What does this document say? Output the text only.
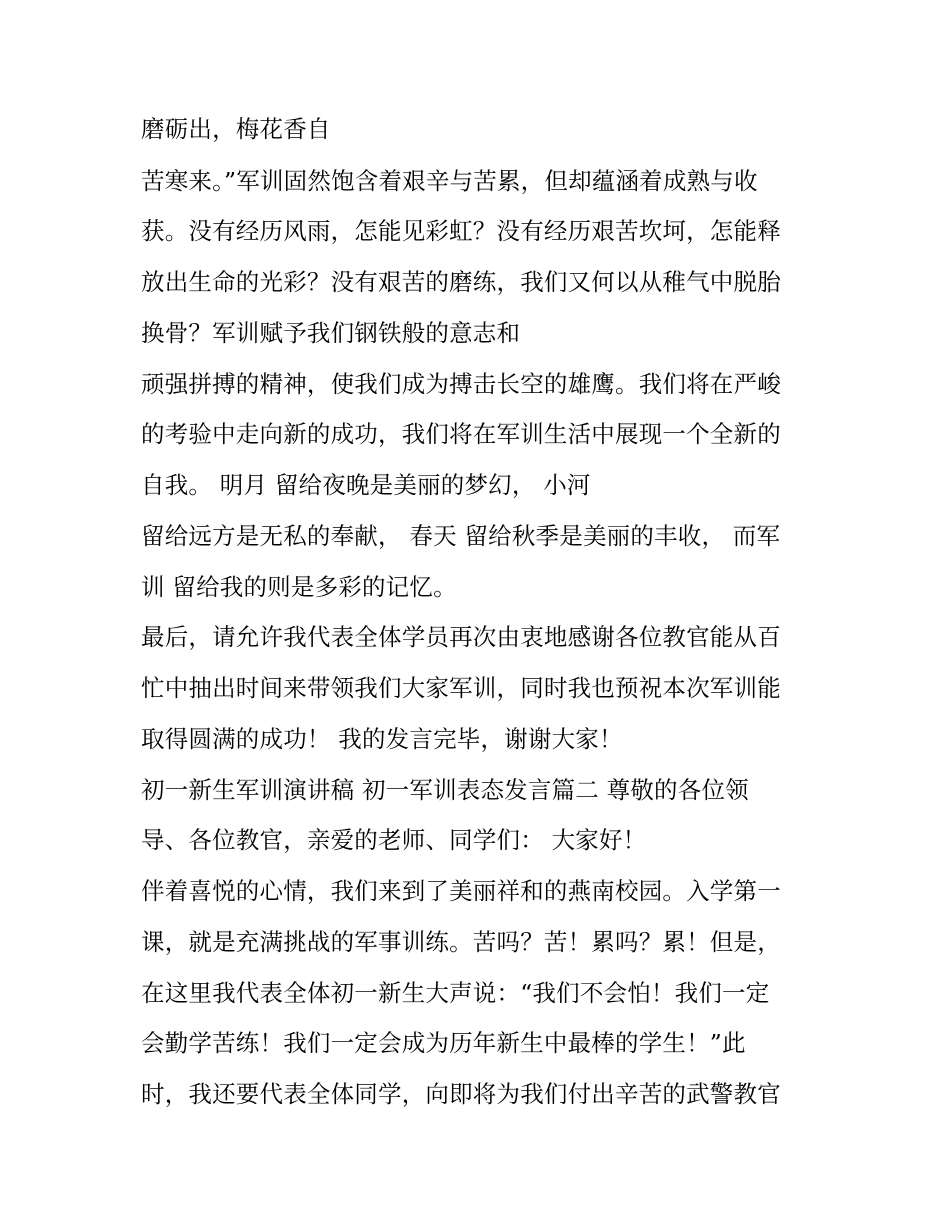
磨砺出，梅花香自
苦寒来。”军训固然饱含着艰辛与苦累，但却蕴涵着成熟与收
获。没有经历风雨，怎能见彩虹？没有经历艰苦坎坷，怎能释
放出生命的光彩？没有艰苦的磨练，我们又何以从稚气中脱胎
换骨？军训赋予我们钢铁般的意志和
顽强拼搏的精神，使我们成为搏击长空的雄鹰。我们将在严峻
的考验中走向新的成功，我们将在军训生活中展现一个全新的
自我。 明月 留给夜晚是美丽的梦幻， 小河
留给远方是无私的奉献， 春天 留给秋季是美丽的丰收， 而军
训 留给我的则是多彩的记忆。
最后，请允许我代表全体学员再次由衷地感谢各位教官能从百
忙中抽出时间来带领我们大家军训，同时我也预祝本次军训能
取得圆满的成功！ 我的发言完毕，谢谢大家！
初一新生军训演讲稿 初一军训表态发言篇二 尊敬的各位领
导、各位教官，亲爱的老师、同学们： 大家好！
伴着喜悦的心情，我们来到了美丽祥和的燕南校园。入学第一
课，就是充满挑战的军事训练。苦吗？苦！累吗？累！但是，
在这里我代表全体初一新生大声说：“我们不会怕！我们一定
会勤学苦练！我们一定会成为历年新生中最棒的学生！”此
时，我还要代表全体同学，向即将为我们付出辛苦的武警教官
